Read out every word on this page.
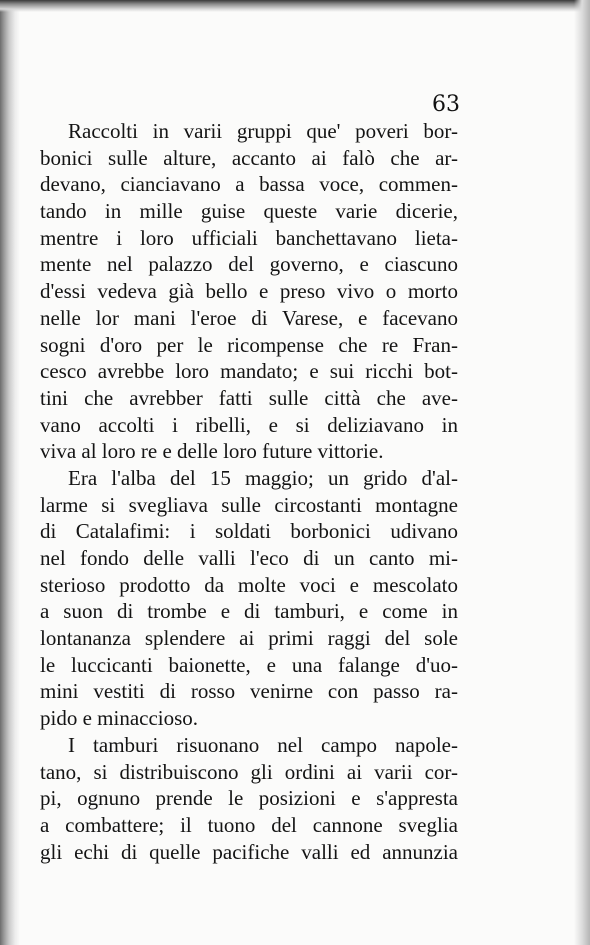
63
Raccolti in varii gruppi que' poveri bor-
bonici sulle alture, accanto ai falò che ar-
devano, cianciavano a bassa voce, commen-
tando in mille guise queste varie dicerie,
mentre i loro ufficiali banchettavano lieta-
mente nel palazzo del governo, e ciascuno
d'essi vedeva già bello e preso vivo o morto
nelle lor mani l'eroe di Varese, e facevano
sogni d'oro per le ricompense che re Fran-
cesco avrebbe loro mandato; e sui ricchi bot-
tini che avrebber fatti sulle città che ave-
vano accolti i ribelli, e si deliziavano in
viva al loro re e delle loro future vittorie.
Era l'alba del 15 maggio; un grido d'al-
larme si svegliava sulle circostanti montagne
di Catalafimi: i soldati borbonici udivano
nel fondo delle valli l'eco di un canto mi-
sterioso prodotto da molte voci e mescolato
a suon di trombe e di tamburi, e come in
lontananza splendere ai primi raggi del sole
le luccicanti baionette, e una falange d'uo-
mini vestiti di rosso venirne con passo ra-
pido e minaccioso.
I tamburi risuonano nel campo napole-
tano, si distribuiscono gli ordini ai varii cor-
pi, ognuno prende le posizioni e s'appresta
a combattere; il tuono del cannone sveglia
gli echi di quelle pacifiche valli ed annunzia
